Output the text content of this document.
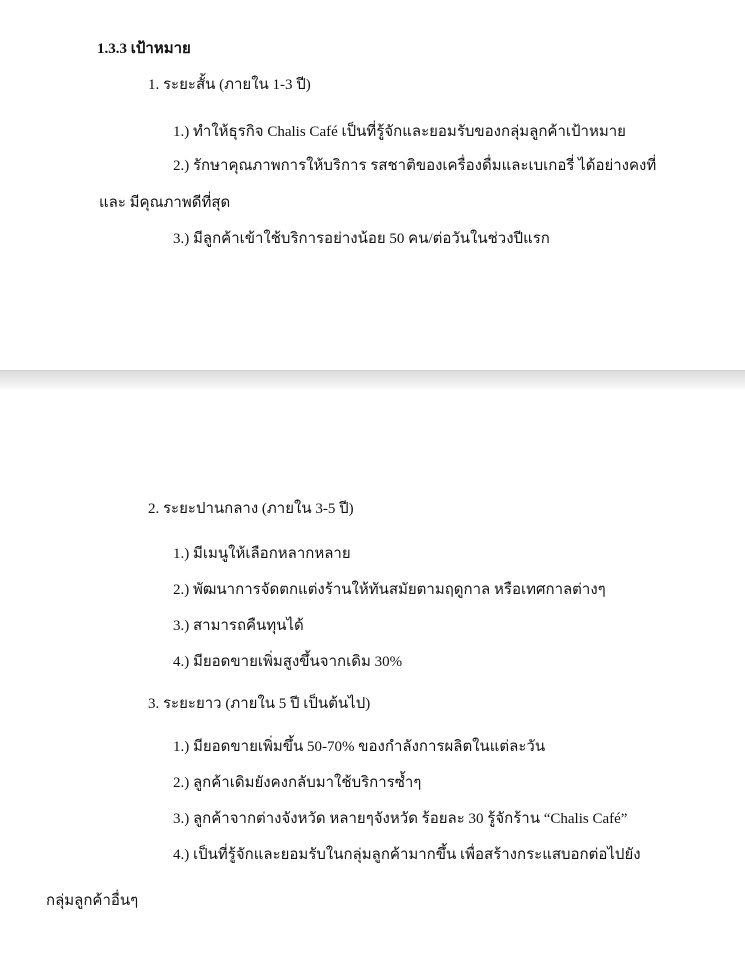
1.3.3 เป้าหมาย
1. ระยะสั้น (ภายใน 1-3 ปี)
1.) ทำให้ธุรกิจ Chalis Café เป็นที่รู้จักและยอมรับของกลุ่มลูกค้าเป้าหมาย
2.) รักษาคุณภาพการให้บริการ รสชาติของเครื่องดื่มและเบเกอรี่ ได้อย่างคงที่
และ มีคุณภาพดีที่สุด
3.) มีลูกค้าเข้าใช้บริการอย่างน้อย 50 คน/ต่อวันในช่วงปีแรก
2. ระยะปานกลาง (ภายใน 3-5 ปี)
1.) มีเมนูให้เลือกหลากหลาย
2.) พัฒนาการจัดตกแต่งร้านให้ทันสมัยตามฤดูกาล หรือเทศกาลต่างๆ
3.) สามารถคืนทุนได้
4.) มียอดขายเพิ่มสูงขึ้นจากเดิม 30%
3. ระยะยาว (ภายใน 5 ปี เป็นต้นไป)
1.) มียอดขายเพิ่มขึ้น 50-70% ของกำลังการผลิตในแต่ละวัน
2.) ลูกค้าเดิมยังคงกลับมาใช้บริการซ้ำๆ
3.) ลูกค้าจากต่างจังหวัด หลายๆจังหวัด ร้อยละ 30 รู้จักร้าน “Chalis Café”
4.) เป็นที่รู้จักและยอมรับในกลุ่มลูกค้ามากขึ้น เพื่อสร้างกระแสบอกต่อไปยัง
กลุ่มลูกค้าอื่นๆ
